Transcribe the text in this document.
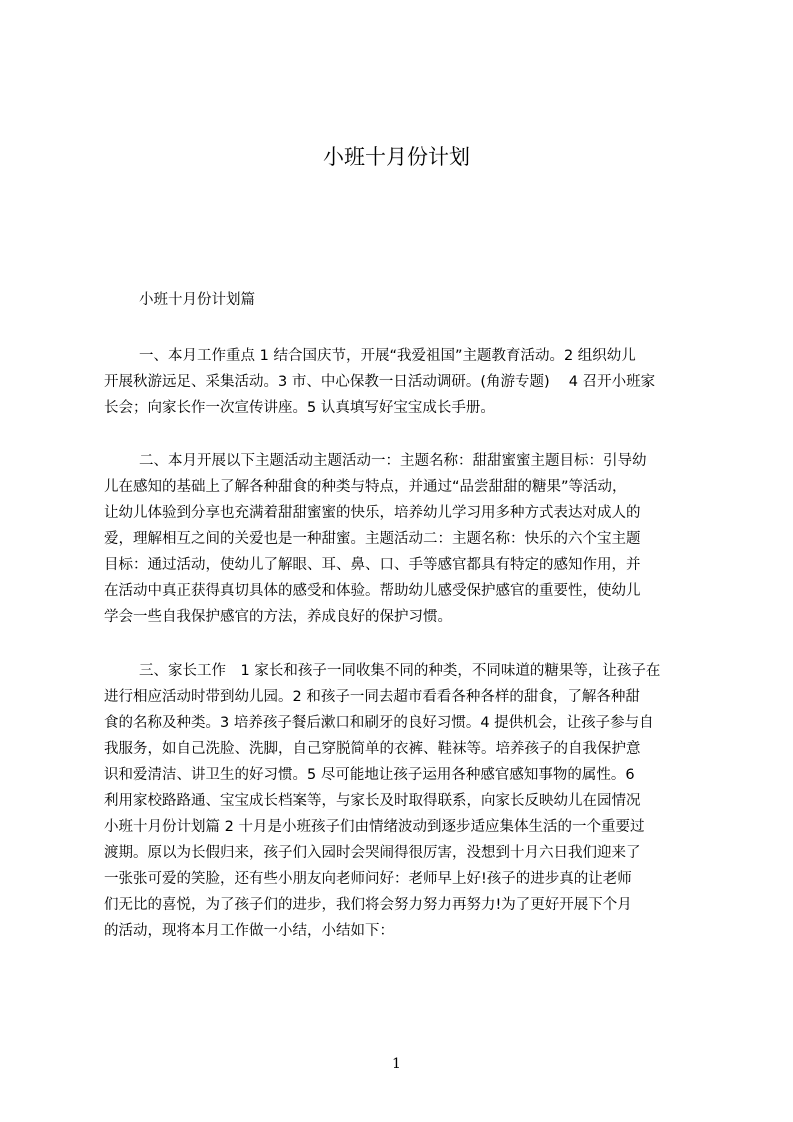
小班十月份计划

小班十月份计划篇

一、本月工作重点 1 结合国庆节，开展“我爱祖国”主题教育活动。2 组织幼儿
开展秋游远足、采集活动。3 市、中心保教一日活动调研。(角游专题)　 4 召开小班家
长会；向家长作一次宣传讲座。5 认真填写好宝宝成长手册。
二、本月开展以下主题活动主题活动一：主题名称：甜甜蜜蜜主题目标：引导幼
儿在感知的基础上了解各种甜食的种类与特点，并通过“品尝甜甜的糖果”等活动，
让幼儿体验到分享也充满着甜甜蜜蜜的快乐，培养幼儿学习用多种方式表达对成人的
爱，理解相互之间的关爱也是一种甜蜜。主题活动二：主题名称：快乐的六个宝主题
目标：通过活动，使幼儿了解眼、耳、鼻、口、手等感官都具有特定的感知作用，并
在活动中真正获得真切具体的感受和体验。帮助幼儿感受保护感官的重要性，使幼儿
学会一些自我保护感官的方法，养成良好的保护习惯。
三、家长工作　1 家长和孩子一同收集不同的种类，不同味道的糖果等，让孩子在
进行相应活动时带到幼儿园。2 和孩子一同去超市看看各种各样的甜食，了解各种甜
食的名称及种类。3 培养孩子餐后漱口和刷牙的良好习惯。4 提供机会，让孩子参与自
我服务，如自己洗脸、洗脚，自己穿脱简单的衣裤、鞋袜等。培养孩子的自我保护意
识和爱清洁、讲卫生的好习惯。5 尽可能地让孩子运用各种感官感知事物的属性。6
利用家校路路通、宝宝成长档案等，与家长及时取得联系，向家长反映幼儿在园情况
小班十月份计划篇 2 十月是小班孩子们由情绪波动到逐步适应集体生活的一个重要过
渡期。原以为长假归来，孩子们入园时会哭闹得很厉害，没想到十月六日我们迎来了
一张张可爱的笑脸，还有些小朋友向老师问好：老师早上好!孩子的进步真的让老师
们无比的喜悦，为了孩子们的进步，我们将会努力努力再努力!为了更好开展下个月
的活动，现将本月工作做一小结，小结如下：
1
